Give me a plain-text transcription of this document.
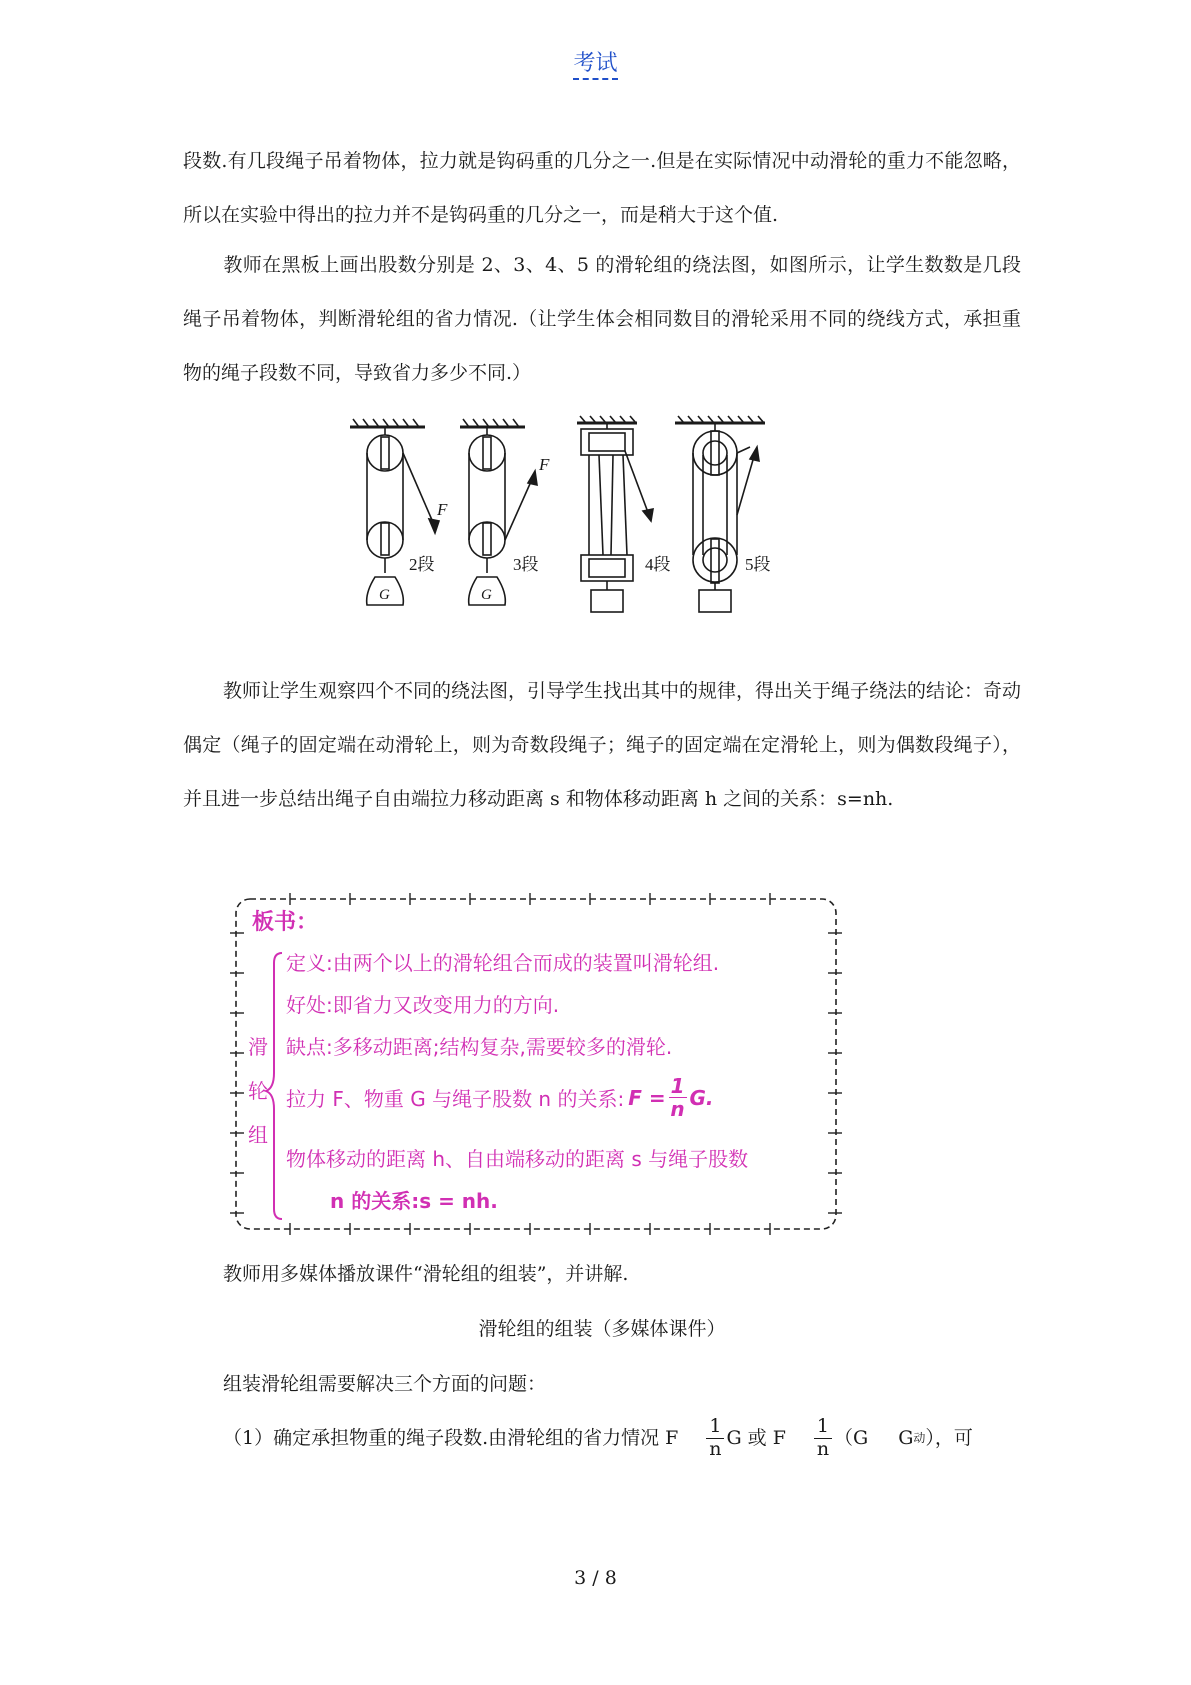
考试
段数.有几段绳子吊着物体，拉力就是钩码重的几分之一.但是在实际情况中动滑轮的重力不能忽略，所以在实验中得出的拉力并不是钩码重的几分之一，而是稍大于这个值.
教师在黑板上画出股数分别是 2、3、4、5 的滑轮组的绕法图，如图所示，让学生数数是几段绳子吊着物体，判断滑轮组的省力情况.（让学生体会相同数目的滑轮采用不同的绕线方式，承担重物的绳子段数不同，导致省力多少不同.）
F
F
G	G
2段	3段	4段	5段
教师让学生观察四个不同的绕法图，引导学生找出其中的规律，得出关于绳子绕法的结论：奇动偶定（绳子的固定端在动滑轮上，则为奇数段绳子；绳子的固定端在定滑轮上，则为偶数段绳子），并且进一步总结出绳子自由端拉力移动距离 s 和物体移动距离 h 之间的关系：s=nh.
板书：
滑
轮
组
定义:由两个以上的滑轮组合而成的装置叫滑轮组.
好处:即省力又改变用力的方向.
缺点:多移动距离;结构复杂,需要较多的滑轮.
拉力 F、物重 G 与绳子股数 n 的关系: $F = \frac{1}{n} G$.
物体移动的距离 h、自由端移动的距离 s 与绳子股数
n 的关系:s = nh.
教师用多媒体播放课件“滑轮组的组装”，并讲解.
滑轮组的组装（多媒体课件）
组装滑轮组需要解决三个方面的问题：
（1）确定承担物重的绳子段数.由滑轮组的省力情况 F $\frac{1}{n}$ G 或 F $\frac{1}{n} (G$ G 动 ），可
3 / 8
